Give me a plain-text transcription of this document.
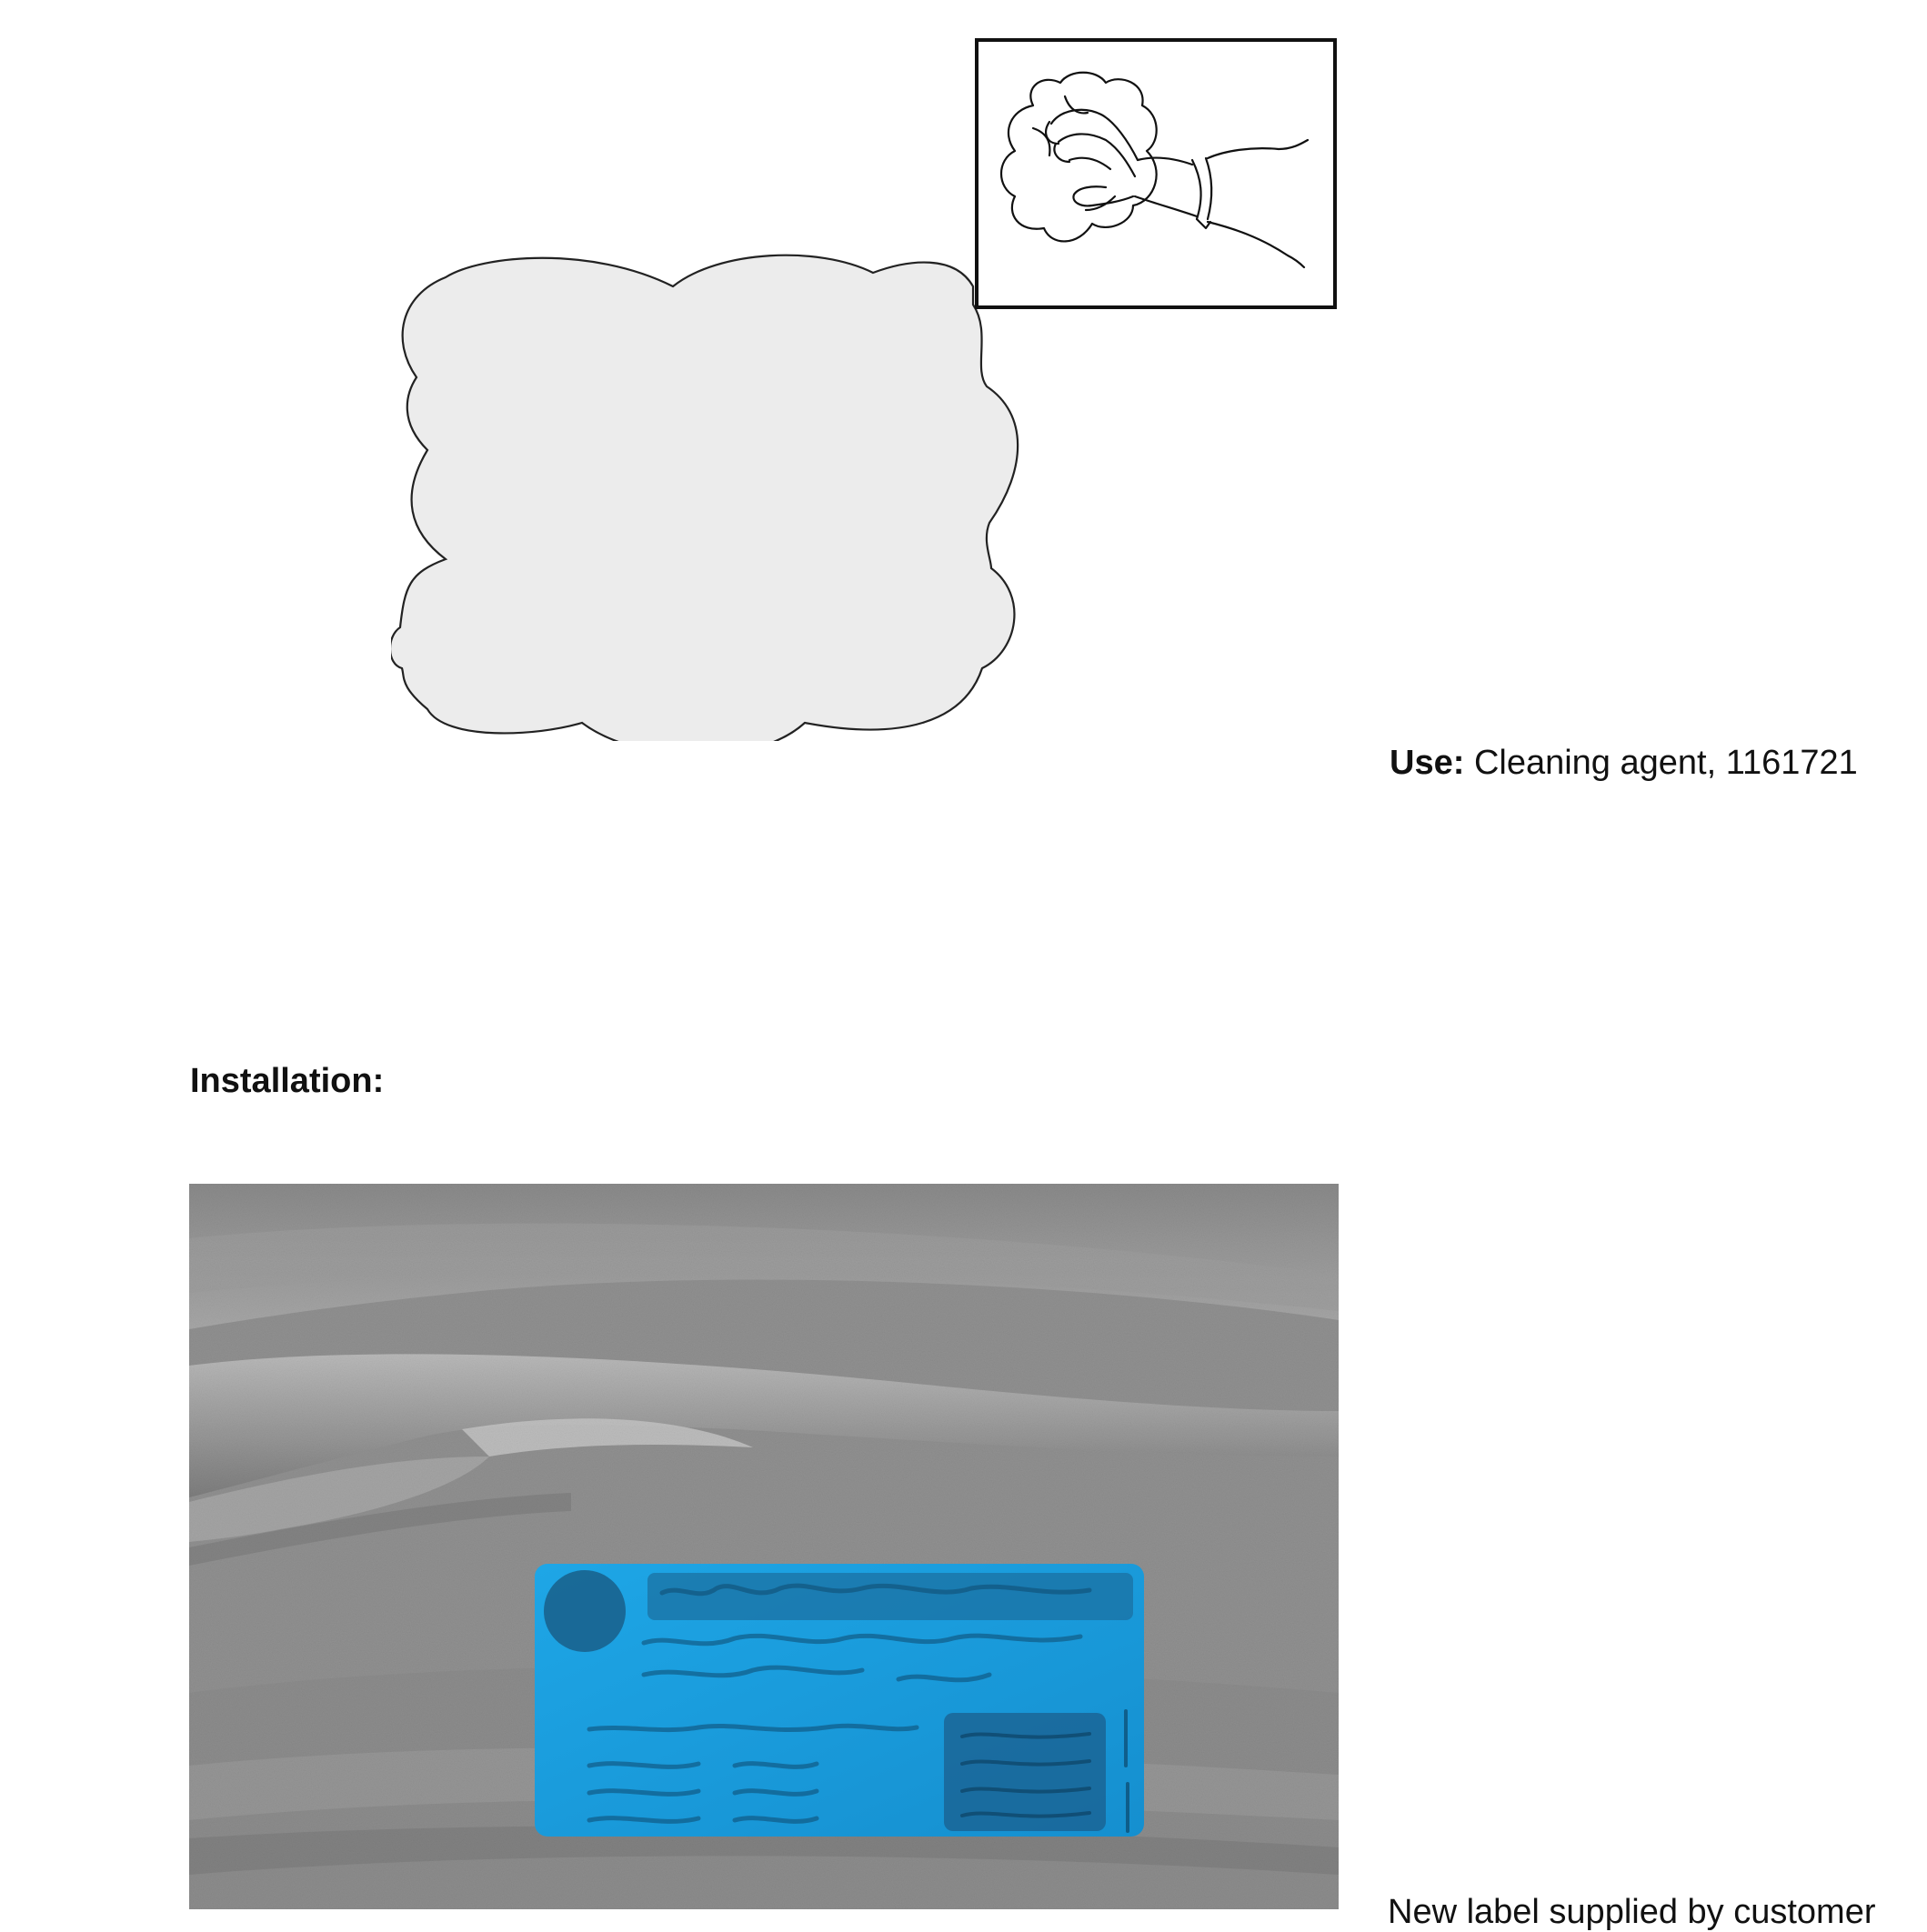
Use: Cleaning agent, 1161721
Installation:
New label supplied by customer
